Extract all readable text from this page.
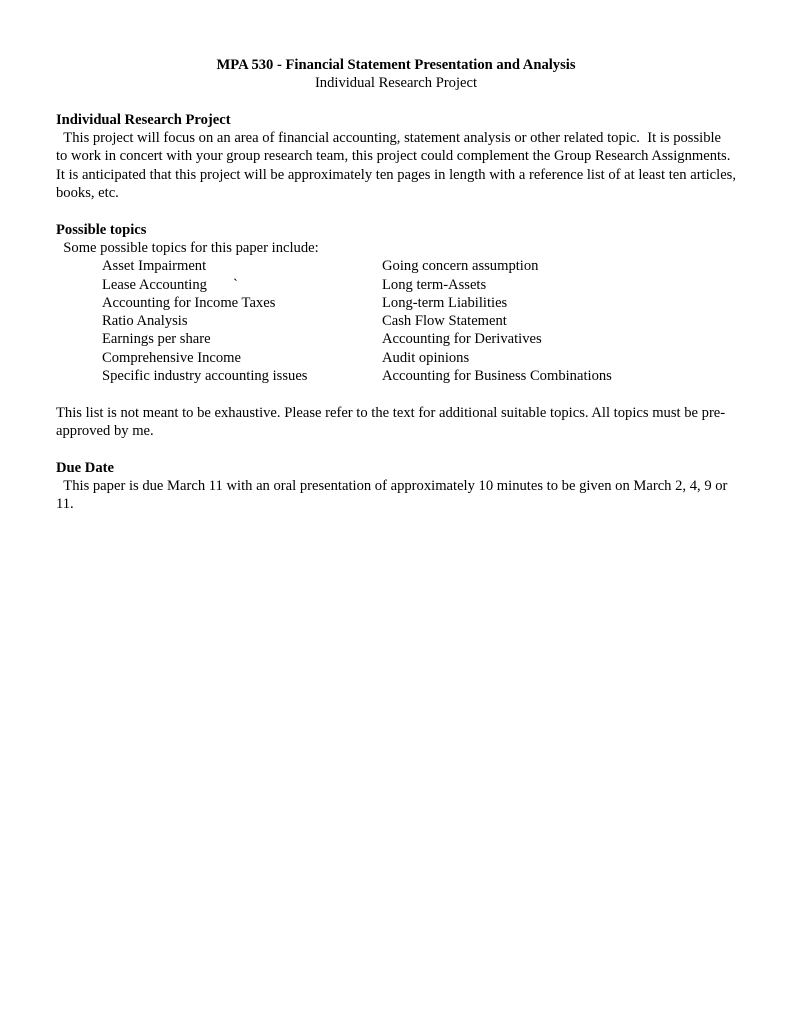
MPA 530 - Financial Statement Presentation and Analysis

Individual Research Project

Individual Research Project

This project will focus on an area of financial accounting, statement analysis or other related topic.  It is possible to work in concert with your group research team, this project could complement the Group Research Assignments.  It is anticipated that this project will be approximately ten pages in length with a reference list of at least ten articles, books, etc.

Possible topics

Some possible topics for this paper include:

Asset Impairment	Going concern assumption
Lease Accounting `	Long term-Assets
Accounting for Income Taxes	Long-term Liabilities
Ratio Analysis	Cash Flow Statement
Earnings per share	Accounting for Derivatives
Comprehensive Income	Audit opinions
Specific industry accounting issues	Accounting for Business Combinations

This list is not meant to be exhaustive. Please refer to the text for additional suitable topics. All topics must be pre-approved by me.

Due Date

This paper is due March 11 with an oral presentation of approximately 10 minutes to be given on March 2, 4, 9 or 11.
